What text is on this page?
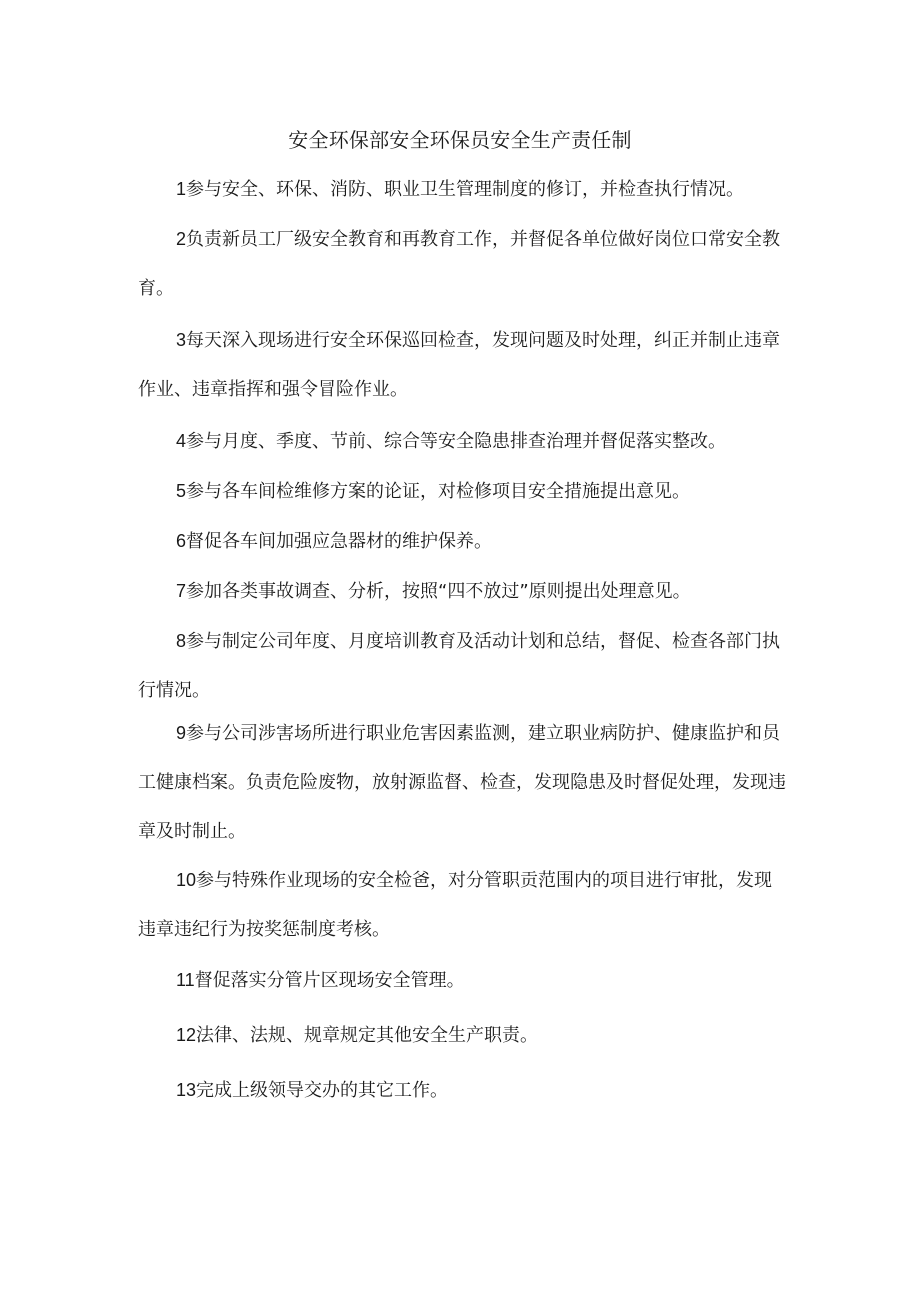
安全环保部安全环保员安全生产责任制

1参与安全、环保、消防、职业卫生管理制度的修订，并检查执行情况。

2负责新员工厂级安全教育和再教育工作，并督促各单位做好岗位口常安全教育。

3每天深入现场进行安全环保巡回检查，发现问题及时处理，纠正并制止违章作业、违章指挥和强令冒险作业。

4参与月度、季度、节前、综合等安全隐患排查治理并督促落实整改。

5参与各车间检维修方案的论证，对检修项目安全措施提出意见。

6督促各车间加强应急器材的维护保养。

7参加各类事故调查、分析，按照“四不放过”原则提出处理意见。

8参与制定公司年度、月度培训教育及活动计划和总结，督促、检查各部门执行情况。

9参与公司涉害场所进行职业危害因素监测，建立职业病防护、健康监护和员工健康档案。负责危险废物，放射源监督、检查，发现隐患及时督促处理，发现违章及时制止。

10参与特殊作业现场的安全检爸，对分管职贡范围内的项目进行审批，发现违章违纪行为按奖惩制度考核。

11督促落实分管片区现场安全管理。

12法律、法规、规章规定其他安全生产职责。

13完成上级领导交办的其它工作。
